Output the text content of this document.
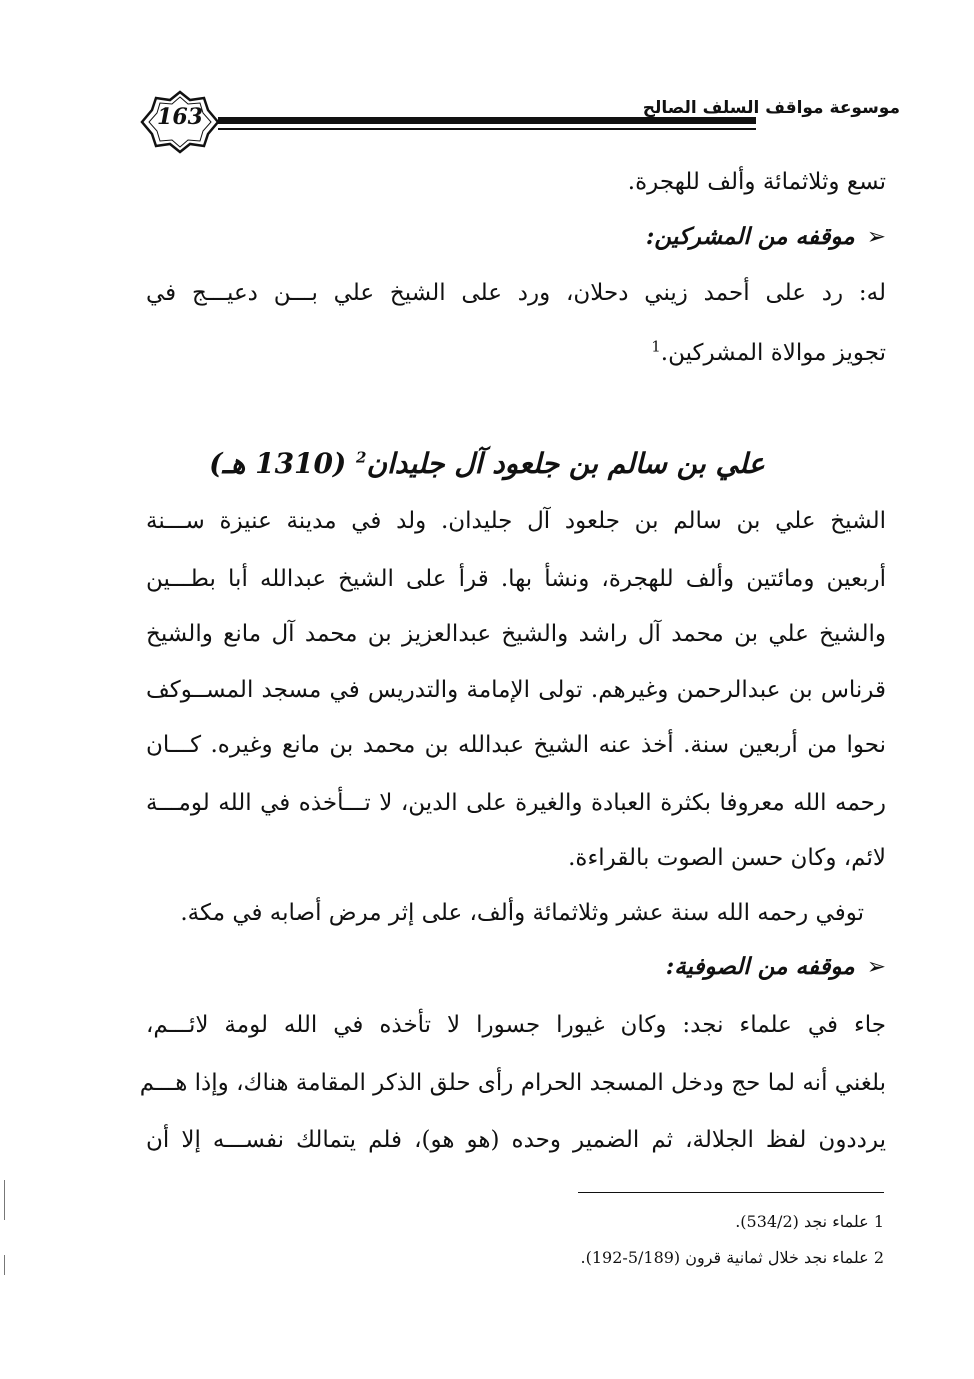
163	موسوعة مواقف السلف الصالح
تسع وثلاثمائة وألف للهجرة.
➢موقفه من المشركين:
له: رد على أحمد زيني دحلان، ورد على الشيخ علي بـــن دعيـــج في
تجويز موالاة المشركين.$^1$
علي بن سالم بن جلعود آل جليدان$^2$ (1310 هـ)
الشيخ علي بن سالم بن جلعود آل جليدان. ولد في مدينة عنيزة ســـنة
أربعين ومائتين وألف للهجرة، ونشأ بها. قرأ على الشيخ عبدالله أبا بطـــين
والشيخ علي بن محمد آل راشد والشيخ عبدالعزيز بن محمد آل مانع والشيخ
قرناس بن عبدالرحمن وغيرهم. تولى الإمامة والتدريس في مسجد المســوكف
نحوا من أربعين سنة. أخذ عنه الشيخ عبدالله بن محمد بن مانع وغيره. كـــان
رحمه الله معروفا بكثرة العبادة والغيرة على الدين، لا تـــأخذه في الله لومـــة
لائم، وكان حسن الصوت بالقراءة.
توفي رحمه الله سنة عشر وثلاثمائة وألف، على إثر مرض أصابه في مكة.
➢موقفه من الصوفية:
جاء في علماء نجد: وكان غيورا جسورا لا تأخذه في الله لومة لائـــم،
بلغني أنه لما حج ودخل المسجد الحرام رأى حلق الذكر المقامة هناك، وإذا هـــم
يرددون لفظ الجلالة، ثم الضمير وحده (هو هو)، فلم يتمالك نفســـه إلا أن
1 علماء نجد (534/2).
2 علماء نجد خلال ثمانية قرون (5/189-192).
